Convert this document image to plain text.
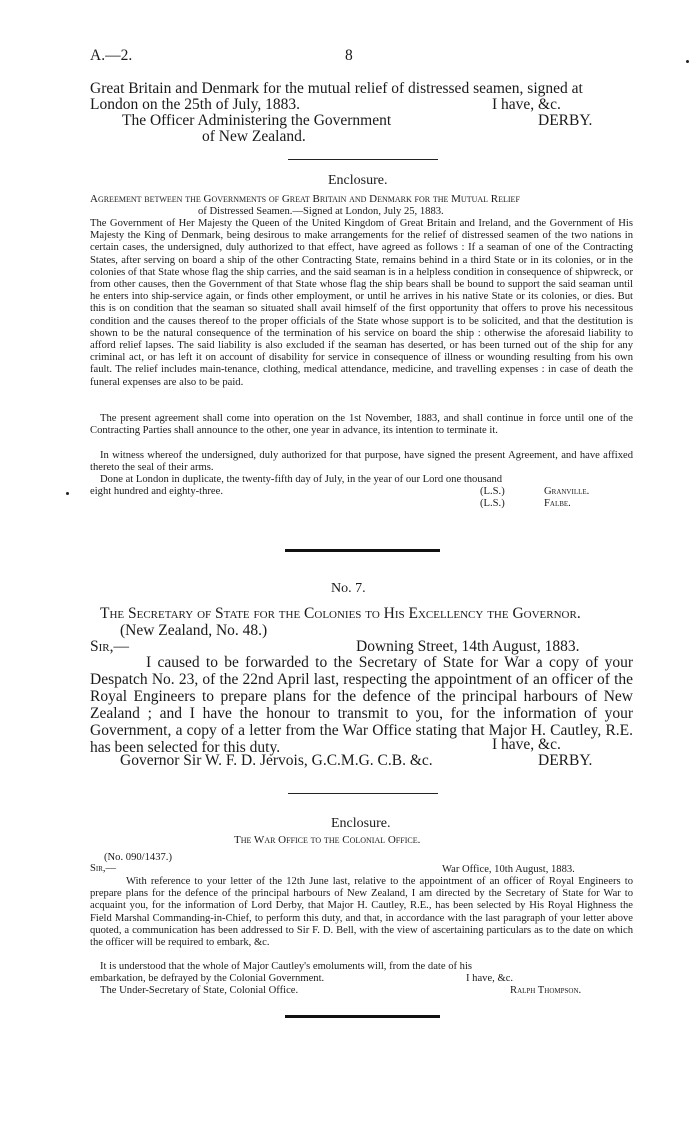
A.—2.	8
Great Britain and Denmark for the mutual relief of distressed seamen, signed at
London on the 25th of July, 1883.	I have, &c.
The Officer Administering the Government	DERBY.
of New Zealand.
Enclosure.
Agreement between the Governments of Great Britain and Denmark for the Mutual Relief
of Distressed Seamen.—Signed at London, July 25, 1883.
The Government of Her Majesty the Queen of the United Kingdom of Great Britain and Ireland, and the Government of His Majesty the King of Denmark, being desirous to make arrangements for the relief of distressed seamen of the two nations in certain cases, the undersigned, duly authorized to that effect, have agreed as follows : If a seaman of one of the Contracting States, after serving on board a ship of the other Contracting State, remains behind in a third State or in its colonies, or in the colonies of that State whose flag the ship carries, and the said seaman is in a helpless condition in consequence of shipwreck, or from other causes, then the Government of that State whose flag the ship bears shall be bound to support the said seaman until he enters into ship-service again, or finds other employment, or until he arrives in his native State or its colonies, or dies. But this is on condition that the seaman so situated shall avail himself of the first opportunity that offers to prove his necessitous condition and the causes thereof to the proper officials of the State whose support is to be solicited, and that the destitution is shown to be the natural consequence of the termination of his service on board the ship : otherwise the aforesaid liability to afford relief lapses. The said liability is also excluded if the seaman has deserted, or has been turned out of the ship for any criminal act, or has left it on account of disability for service in consequence of illness or wounding resulting from his own fault. The relief includes main-tenance, clothing, medical attendance, medicine, and travelling expenses : in case of death the funeral expenses are also to be paid.
The present agreement shall come into operation on the 1st November, 1883, and shall continue in force until one of the Contracting Parties shall announce to the other, one year in advance, its intention to terminate it.
In witness whereof the undersigned, duly authorized for that purpose, have signed the present Agreement, and have affixed thereto the seal of their arms.
Done at London in duplicate, the twenty-fifth day of July, in the year of our Lord one thousand
eight hundred and eighty-three.	(L.S.)	Granville.
(L.S.)	Falbe.
No. 7.
The Secretary of State for the Colonies to His Excellency the Governor.
(New Zealand, No. 48.)
Sir,—	Downing Street, 14th August, 1883.
I caused to be forwarded to the Secretary of State for War a copy of your Despatch No. 23, of the 22nd April last, respecting the appointment of an officer of the Royal Engineers to prepare plans for the defence of the principal harbours of New Zealand ; and I have the honour to transmit to you, for the information of your Government, a copy of a letter from the War Office stating that Major H. Cautley, R.E. has been selected for this duty.	I have, &c.
Governor Sir W. F. D. Jervois, G.C.M.G. C.B. &c.	DERBY.
Enclosure.
The War Office to the Colonial Office.
(No. 090/1437.)
Sir,—	War Office, 10th August, 1883.
With reference to your letter of the 12th June last, relative to the appointment of an officer of Royal Engineers to prepare plans for the defence of the principal harbours of New Zealand, I am directed by the Secretary of State for War to acquaint you, for the information of Lord Derby, that Major H. Cautley, R.E., has been selected by His Royal Highness the Field Marshal Commanding-in-Chief, to perform this duty, and that, in accordance with the last paragraph of your letter above quoted, a communication has been addressed to Sir F. D. Bell, with the view of ascertaining particulars as to the date on which the officer will be required to embark, &c.
It is understood that the whole of Major Cautley's emoluments will, from the date of his
embarkation, be defrayed by the Colonial Government.	I have, &c.
The Under-Secretary of State, Colonial Office.	Ralph Thompson.
